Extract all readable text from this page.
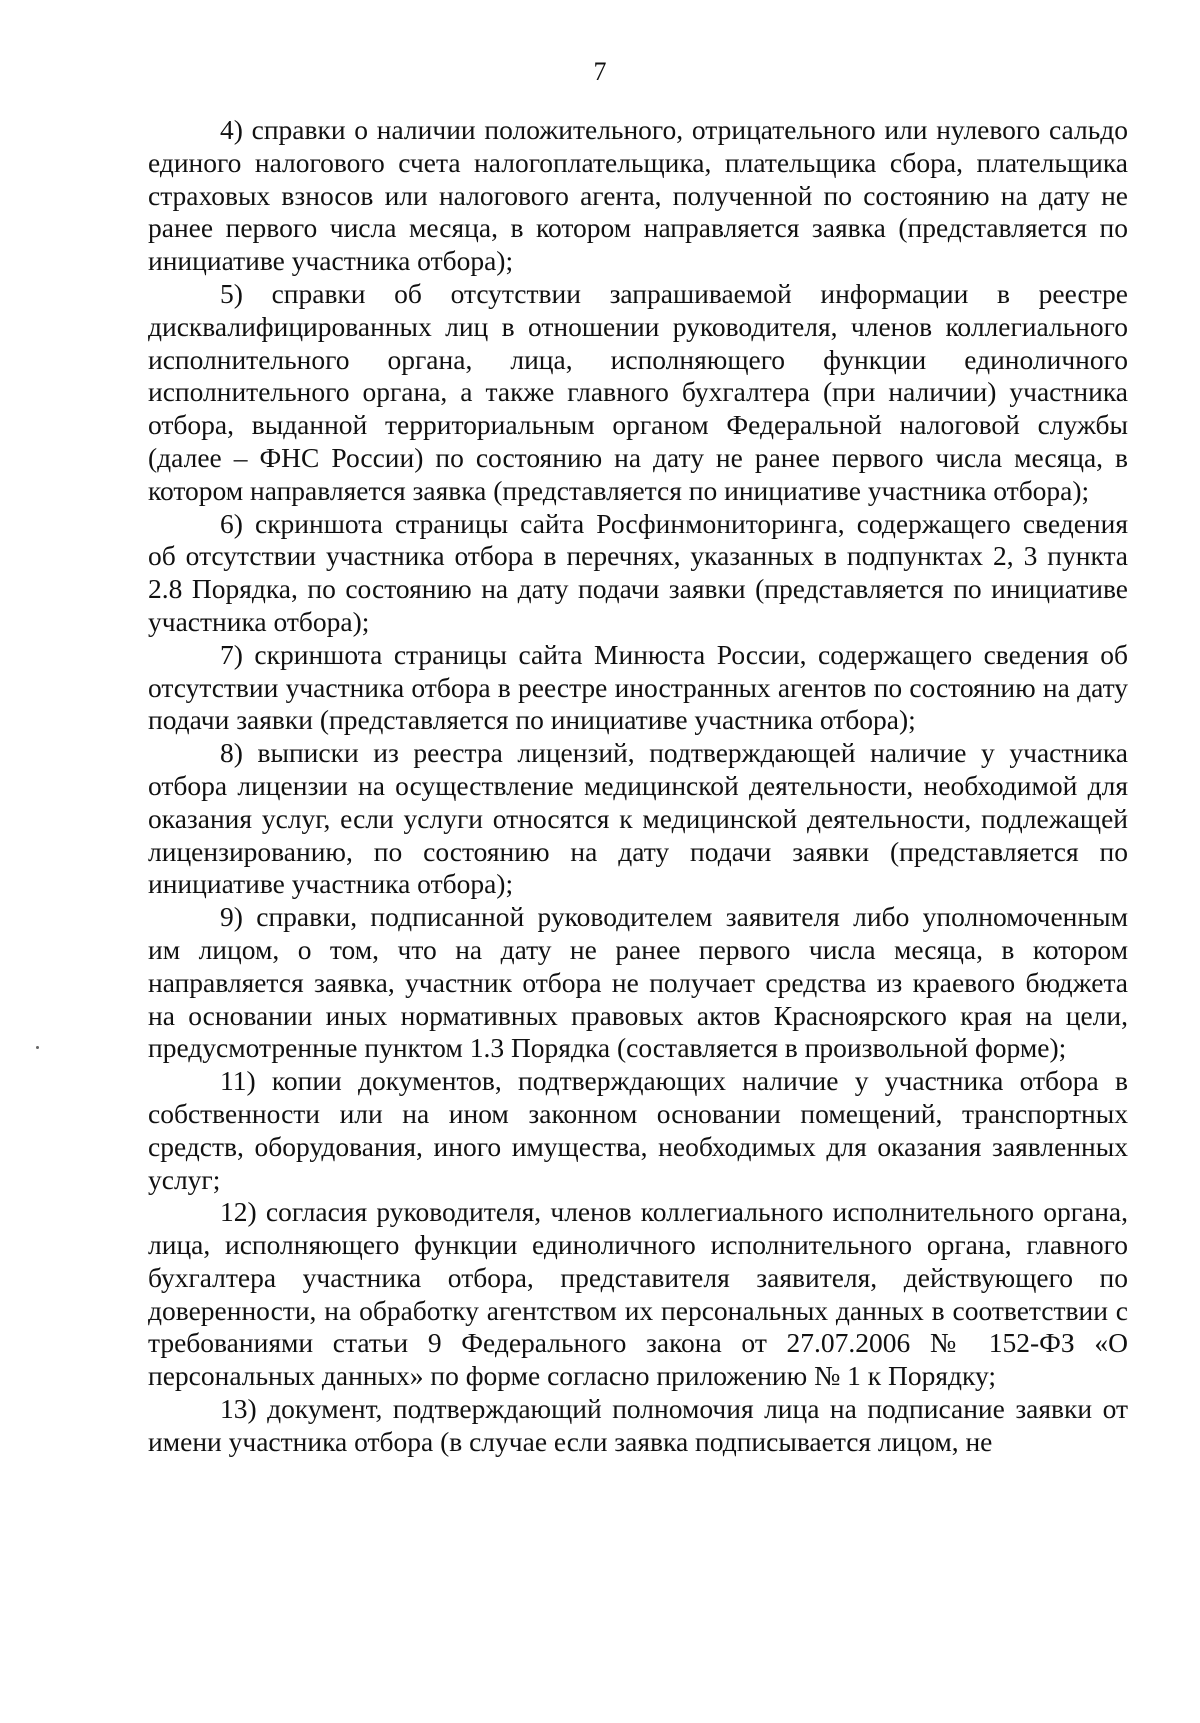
7

4) справки о наличии положительного, отрицательного или нулевого сальдо единого налогового счета налогоплательщика, плательщика сбора, плательщика страховых взносов или налогового агента, полученной по состоянию на дату не ранее первого числа месяца, в котором направляется заявка (представляется по инициативе участника отбора);

5) справки об отсутствии запрашиваемой информации в реестре дисквалифицированных лиц в отношении руководителя, членов коллегиального исполнительного органа, лица, исполняющего функции единоличного исполнительного органа, а также главного бухгалтера (при наличии) участника отбора, выданной территориальным органом Федеральной налоговой службы (далее – ФНС России) по состоянию на дату не ранее первого числа месяца, в котором направляется заявка (представляется по инициативе участника отбора);

6) скриншота страницы сайта Росфинмониторинга, содержащего сведения об отсутствии участника отбора в перечнях, указанных в подпунктах 2, 3 пункта 2.8 Порядка, по состоянию на дату подачи заявки (представляется по инициативе участника отбора);

7) скриншота страницы сайта Минюста России, содержащего сведения об отсутствии участника отбора в реестре иностранных агентов по состоянию на дату подачи заявки (представляется по инициативе участника отбора);

8) выписки из реестра лицензий, подтверждающей наличие у участника отбора лицензии на осуществление медицинской деятельности, необходимой для оказания услуг, если услуги относятся к медицинской деятельности, подлежащей лицензированию, по состоянию на дату подачи заявки (представляется по инициативе участника отбора);

9) справки, подписанной руководителем заявителя либо уполномоченным им лицом, о том, что на дату не ранее первого числа месяца, в котором направляется заявка, участник отбора не получает средства из краевого бюджета на основании иных нормативных правовых актов Красноярского края на цели, предусмотренные пунктом 1.3 Порядка (составляется в произвольной форме);

11) копии документов, подтверждающих наличие у участника отбора в собственности или на ином законном основании помещений, транспортных средств, оборудования, иного имущества, необходимых для оказания заявленных услуг;

12) согласия руководителя, членов коллегиального исполнительного органа, лица, исполняющего функции единоличного исполнительного органа, главного бухгалтера участника отбора, представителя заявителя, действующего по доверенности, на обработку агентством их персональных данных в соответствии с требованиями статьи 9 Федерального закона от 27.07.2006 № 152-ФЗ «О персональных данных» по форме согласно приложению № 1 к Порядку;

13) документ, подтверждающий полномочия лица на подписание заявки от имени участника отбора (в случае если заявка подписывается лицом, не
